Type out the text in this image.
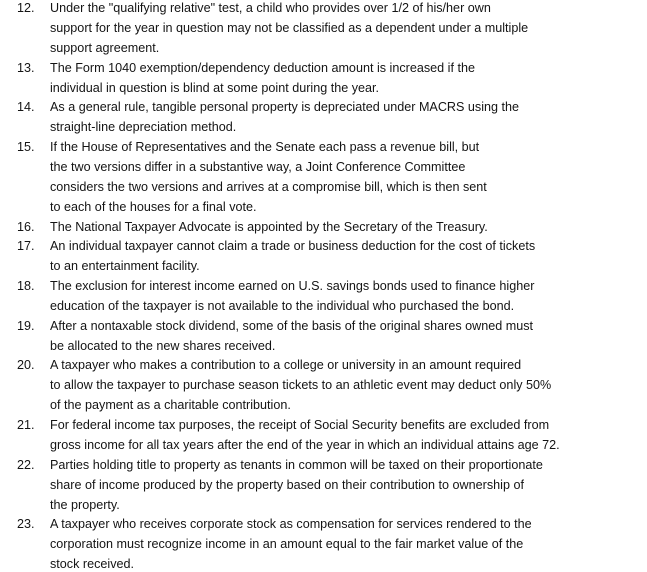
12. Under the "qualifying relative" test, a child who provides over 1/2 of his/her own
support for the year in question may not be classified as a dependent under a multiple
support agreement.
13. The Form 1040 exemption/dependency deduction amount is increased if the
individual in question is blind at some point during the year.
14. As a general rule, tangible personal property is depreciated under MACRS using the
straight-line depreciation method.
15. If the House of Representatives and the Senate each pass a revenue bill, but
the two versions differ in a substantive way, a Joint Conference Committee
considers the two versions and arrives at a compromise bill, which is then sent
to each of the houses for a final vote.
16. The National Taxpayer Advocate is appointed by the Secretary of the Treasury.
17. An individual taxpayer cannot claim a trade or business deduction for the cost of tickets
to an entertainment facility.
18. The exclusion for interest income earned on U.S. savings bonds used to finance higher
education of the taxpayer is not available to the individual who purchased the bond.
19. After a nontaxable stock dividend, some of the basis of the original shares owned must
be allocated to the new shares received.
20. A taxpayer who makes a contribution to a college or university in an amount required
to allow the taxpayer to purchase season tickets to an athletic event may deduct only 50%
of the payment as a charitable contribution.
21. For federal income tax purposes, the receipt of Social Security benefits are excluded from
gross income for all tax years after the end of the year in which an individual attains age 72.
22. Parties holding title to property as tenants in common will be taxed on their proportionate
share of income produced by the property based on their contribution to ownership of
the property.
23. A taxpayer who receives corporate stock as compensation for services rendered to the
corporation must recognize income in an amount equal to the fair market value of the
stock received.
